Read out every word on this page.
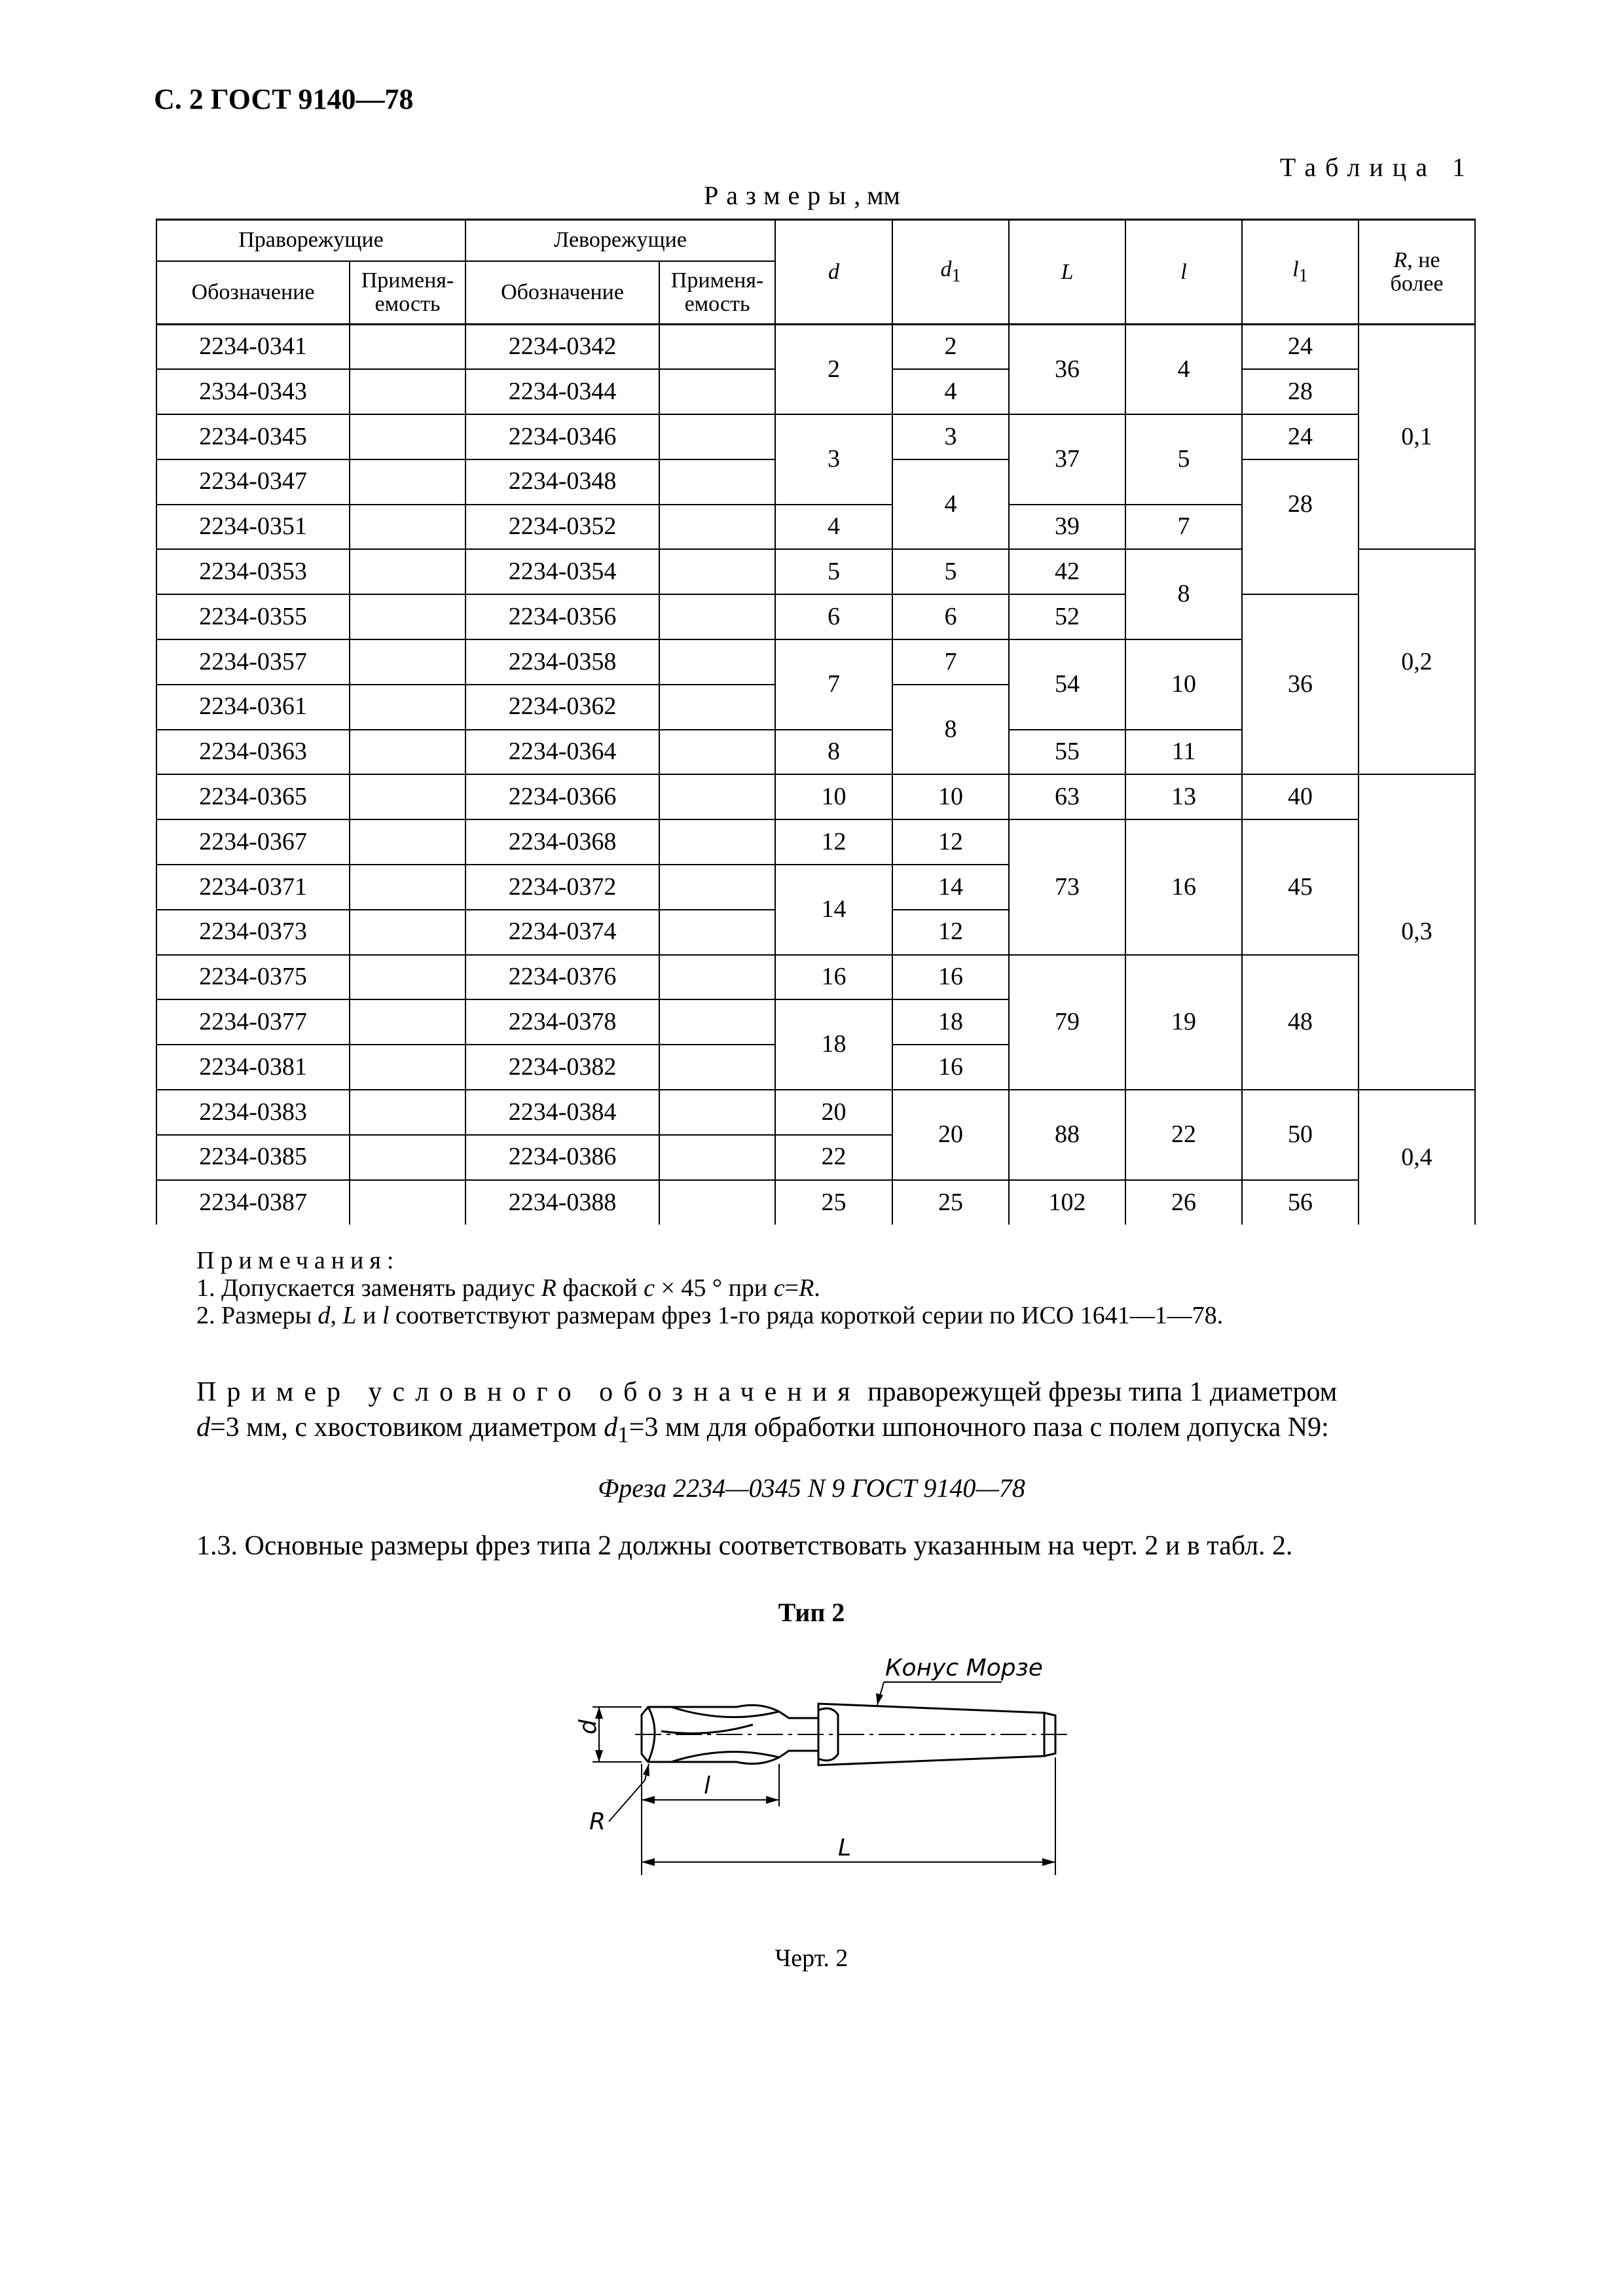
С. 2 ГОСТ 9140—78
Таблица 1
Размеры, мм
Праворежущие		Леворежущие		d	$d_1$	L	l	$l_1$	R, не
более
Обозначение	Применя-
емость	Обозначение	Применя-
емость						
2234-0341		2234-0342		2	2	36	4	24	0,1
2334-0343		2234-0344			4			28	
2234-0345		2234-0346		3	3	37	5	24	
2234-0347		2234-0348			4			28	
2234-0351		2234-0352		4		39	7		
2234-0353		2234-0354		5	5	42	8		0,2
2234-0355		2234-0356		6	6	52		36	
2234-0357		2234-0358		7	7	54	10		
2234-0361		2234-0362			8				
2234-0363		2234-0364		8		55	11		
2234-0365		2234-0366		10	10	63	13	40	0,3
2234-0367		2234-0368		12	12	73	16	45	
2234-0371		2234-0372		14	14				
2234-0373		2234-0374			12				
2234-0375		2234-0376		16	16	79	19	48	
2234-0377		2234-0378		18	18				
2234-0381		2234-0382			16				
2234-0383		2234-0384		20	20	88	22	50	0,4
2234-0385		2234-0386		22					
2234-0387		2234-0388		25	25	102	26	56	
Примечания:
1. Допускается заменять радиус R фаской c × 45 ° при c=R.
2. Размеры d, L и l соответствуют размерам фрез 1-го ряда короткой серии по ИСО 1641—1—78.
Пример условного обозначения праворежущей фрезы типа 1 диаметром
d=3 мм, с хвостовиком диаметром $d_1=3$ мм для обработки шпоночного паза с полем допуска N9:
Фреза 2234—0345 N 9 ГОСТ 9140—78
1.3. Основные размеры фрез типа 2 должны соответствовать указанным на черт. 2 и в табл. 2.
Тип 2
Конус Морзе
d
R
l
L
Черт. 2
